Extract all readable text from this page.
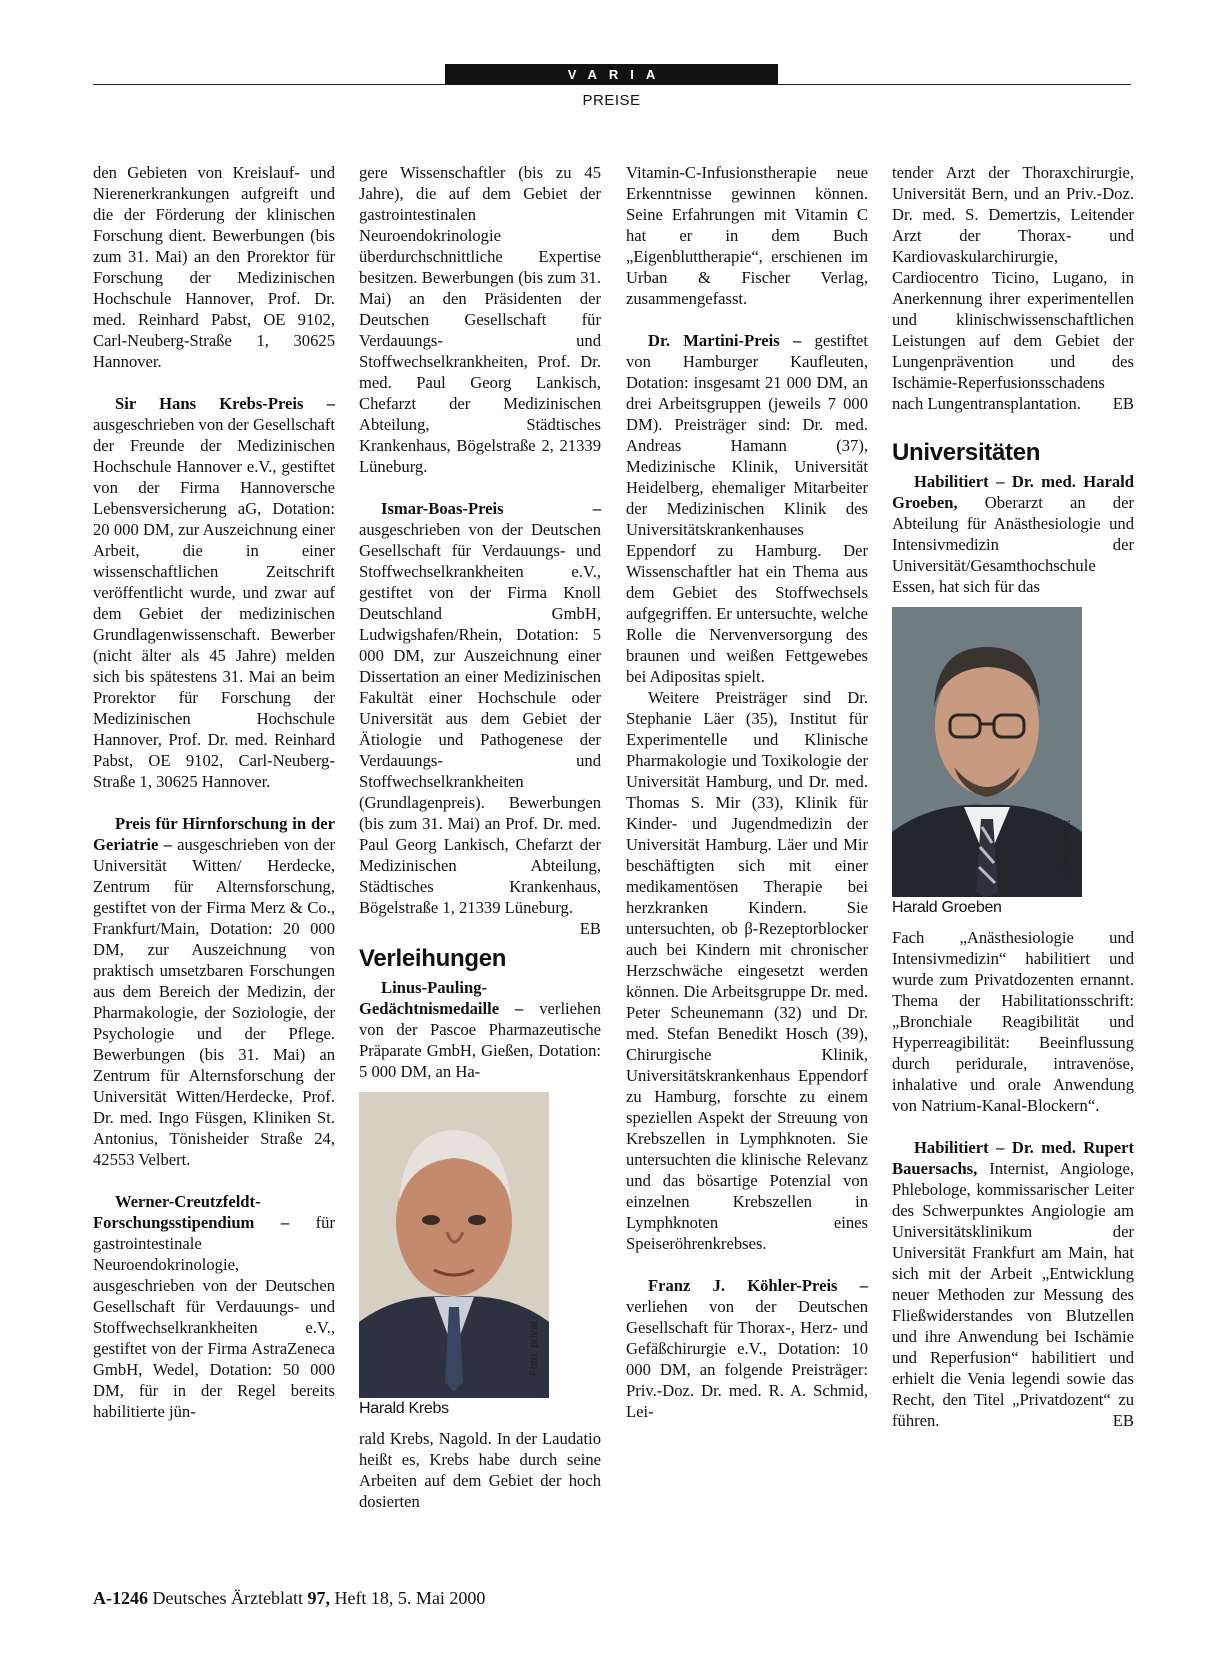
VARIA
PREISE

den Gebieten von Kreislauf- und Nierenerkrankungen aufgreift und die der Förderung der klinischen Forschung dient. Bewerbungen (bis zum 31. Mai) an den Prorektor für Forschung der Medizinischen Hochschule Hannover, Prof. Dr. med. Reinhard Pabst, OE 9102, Carl-Neuberg-Straße 1, 30625 Hannover.

Sir Hans Krebs-Preis – ausgeschrieben von der Gesellschaft der Freunde der Medizinischen Hochschule Hannover e.V., gestiftet von der Firma Hannoversche Lebensversicherung aG, Dotation: 20 000 DM, zur Auszeichnung einer Arbeit, die in einer wissenschaftlichen Zeitschrift veröffentlicht wurde, und zwar auf dem Gebiet der medizinischen Grundlagenwissenschaft. Bewerber (nicht älter als 45 Jahre) melden sich bis spätestens 31. Mai an beim Prorektor für Forschung der Medizinischen Hochschule Hannover, Prof. Dr. med. Reinhard Pabst, OE 9102, Carl-Neuberg-Straße 1, 30625 Hannover.

Preis für Hirnforschung in der Geriatrie – ausgeschrieben von der Universität Witten/ Herdecke, Zentrum für Alternsforschung, gestiftet von der Firma Merz & Co., Frankfurt/Main, Dotation: 20 000 DM, zur Auszeichnung von praktisch umsetzbaren Forschungen aus dem Bereich der Medizin, der Pharmakologie, der Soziologie, der Psychologie und der Pflege. Bewerbungen (bis 31. Mai) an Zentrum für Alternsforschung der Universität Witten/Herdecke, Prof. Dr. med. Ingo Füsgen, Kliniken St. Antonius, Tönisheider Straße 24, 42553 Velbert.

Werner-Creutzfeldt-Forschungsstipendium – für gastrointestinale Neuroendokrinologie, ausgeschrieben von der Deutschen Gesellschaft für Verdauungs- und Stoffwechselkrankheiten e.V., gestiftet von der Firma AstraZeneca GmbH, Wedel, Dotation: 50 000 DM, für in der Regel bereits habilitierte jün-

gere Wissenschaftler (bis zu 45 Jahre), die auf dem Gebiet der gastrointestinalen Neuroendokrinologie überdurchschnittliche Expertise besitzen. Bewerbungen (bis zum 31. Mai) an den Präsidenten der Deutschen Gesellschaft für Verdauungs- und Stoffwechselkrankheiten, Prof. Dr. med. Paul Georg Lankisch, Chefarzt der Medizinischen Abteilung, Städtisches Krankenhaus, Bögelstraße 2, 21339 Lüneburg.

Ismar-Boas-Preis – ausgeschrieben von der Deutschen Gesellschaft für Verdauungs- und Stoffwechselkrankheiten e.V., gestiftet von der Firma Knoll Deutschland GmbH, Ludwigshafen/Rhein, Dotation: 5 000 DM, zur Auszeichnung einer Dissertation an einer Medizinischen Fakultät einer Hochschule oder Universität aus dem Gebiet der Ätiologie und Pathogenese der Verdauungs- und Stoffwechselkrankheiten (Grundlagenpreis). Bewerbungen (bis zum 31. Mai) an Prof. Dr. med. Paul Georg Lankisch, Chefarzt der Medizinischen Abteilung, Städtisches Krankenhaus, Bögelstraße 1, 21339 Lüneburg.
EB

Verleihungen

Linus-Pauling-Gedächtnismedaille – verliehen von der Pascoe Pharmazeutische Präparate GmbH, Gießen, Dotation: 5 000 DM, an Ha-

Foto: privat
Harald Krebs

rald Krebs, Nagold. In der Laudatio heißt es, Krebs habe durch seine Arbeiten auf dem Gebiet der hoch dosierten

Vitamin-C-Infusionstherapie neue Erkenntnisse gewinnen können. Seine Erfahrungen mit Vitamin C hat er in dem Buch „Eigenbluttherapie“, erschienen im Urban & Fischer Verlag, zusammengefasst.

Dr. Martini-Preis – gestiftet von Hamburger Kaufleuten, Dotation: insgesamt 21 000 DM, an drei Arbeitsgruppen (jeweils 7 000 DM). Preisträger sind: Dr. med. Andreas Hamann (37), Medizinische Klinik, Universität Heidelberg, ehemaliger Mitarbeiter der Medizinischen Klinik des Universitätskrankenhauses Eppendorf zu Hamburg. Der Wissenschaftler hat ein Thema aus dem Gebiet des Stoffwechsels aufgegriffen. Er untersuchte, welche Rolle die Nervenversorgung des braunen und weißen Fettgewebes bei Adipositas spielt.

Weitere Preisträger sind Dr. Stephanie Läer (35), Institut für Experimentelle und Klinische Pharmakologie und Toxikologie der Universität Hamburg, und Dr. med. Thomas S. Mir (33), Klinik für Kinder- und Jugendmedizin der Universität Hamburg. Läer und Mir beschäftigten sich mit einer medikamentösen Therapie bei herzkranken Kindern. Sie untersuchten, ob β-Rezeptorblocker auch bei Kindern mit chronischer Herzschwäche eingesetzt werden können. Die Arbeitsgruppe Dr. med. Peter Scheunemann (32) und Dr. med. Stefan Benedikt Hosch (39), Chirurgische Klinik, Universitätskrankenhaus Eppendorf zu Hamburg, forschte zu einem speziellen Aspekt der Streuung von Krebszellen in Lymphknoten. Sie untersuchten die klinische Relevanz und das bösartige Potenzial von einzelnen Krebszellen in Lymphknoten eines Speiseröhrenkrebses.

Franz J. Köhler-Preis – verliehen von der Deutschen Gesellschaft für Thorax-, Herz- und Gefäßchirurgie e.V., Dotation: 10 000 DM, an folgende Preisträger: Priv.-Doz. Dr. med. R. A. Schmid, Lei-

tender Arzt der Thoraxchirurgie, Universität Bern, und an Priv.-Doz. Dr. med. S. Demertzis, Leitender Arzt der Thorax- und Kardiovaskularchirurgie, Cardiocentro Ticino, Lugano, in Anerkennung ihrer experimentellen und klinischwissenschaftlichen Leistungen auf dem Gebiet der Lungenprävention und des Ischämie-Reperfusionsschadens nach Lungentransplantation. EB

Universitäten

Habilitiert – Dr. med. Harald Groeben, Oberarzt an der Abteilung für Anästhesiologie und Intensivmedizin der Universität/Gesamthochschule Essen, hat sich für das

Foto: privat
Harald Groeben

Fach „Anästhesiologie und Intensivmedizin“ habilitiert und wurde zum Privatdozenten ernannt. Thema der Habilitationsschrift: „Bronchiale Reagibilität und Hyperreagibilität: Beeinflussung durch peridurale, intravenöse, inhalative und orale Anwendung von Natrium-Kanal-Blockern“.

Habilitiert – Dr. med. Rupert Bauersachs, Internist, Angiologe, Phlebologe, kommissarischer Leiter des Schwerpunktes Angiologie am Universitätsklinikum der Universität Frankfurt am Main, hat sich mit der Arbeit „Entwicklung neuer Methoden zur Messung des Fließwiderstandes von Blutzellen und ihre Anwendung bei Ischämie und Reperfusion“ habilitiert und erhielt die Venia legendi sowie das Recht, den Titel „Privatdozent“ zu führen.	EB

A-1246 Deutsches Ärzteblatt 97, Heft 18, 5. Mai 2000
